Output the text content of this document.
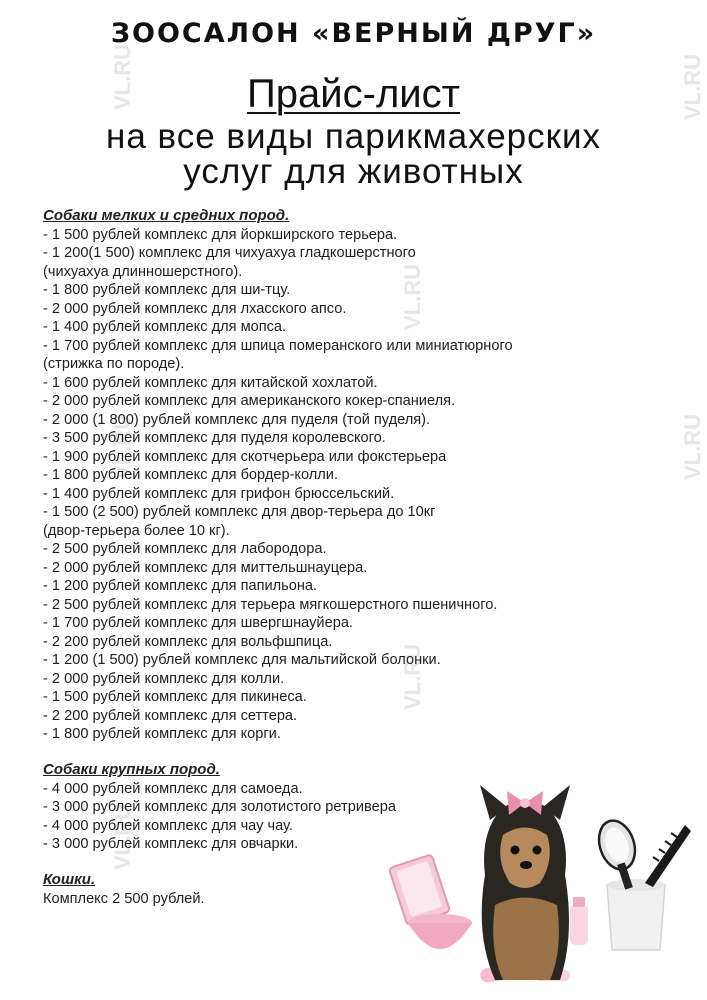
VL.RU
VL.RU
VL.RU
VL.RU
VL.RU
VL.RU
VL.RU
ЗООСАЛОН «ВЕРНЫЙ ДРУГ»
Прайс-лист
на все виды парикмахерских
услуг для животных
Собаки мелких и средних пород.
- 1 500 рублей комплекс для йоркширского терьера.
- 1 200(1 500) комплекс для чихуахуа гладкошерстного
(чихуахуа длинношерстного).
- 1 800 рублей комплекс для ши-тцу.
- 2 000 рублей комплекс для лхасского апсо.
- 1 400 рублей комплекс для мопса.
- 1 700 рублей комплекс для шпица померанского или миниатюрного
(стрижка по породе).
- 1 600 рублей комплекс для китайской хохлатой.
- 2 000 рублей комплекс для американского кокер-спаниеля.
- 2 000 (1 800) рублей комплекс для пуделя (той пуделя).
- 3 500 рублей комплекс для пуделя королевского.
- 1 900 рублей комплекс для скотчерьера или фокстерьера
- 1 800 рублей комплекс для бордер-колли.
- 1 400 рублей комплекс для грифон брюссельский.
- 1 500 (2 500) рублей комплекс для двор-терьера до 10кг
(двор-терьера более 10 кг).
- 2 500 рублей комплекс для лабородора.
- 2 000 рублей комплекс для миттельшнауцера.
- 1 200 рублей комплекс для папильона.
- 2 500 рублей комплекс для терьера мягкошерстного пшеничного.
- 1 700 рублей комплекс для швергшнауйера.
- 2 200 рублей комплекс для вольфшпица.
- 1 200 (1 500) рублей комплекс для мальтийской болонки.
- 2 000 рублей комплекс для колли.
- 1 500 рублей комплекс для пикинеса.
- 2 200 рублей комплекс для сеттера.
- 1 800 рублей комплекс для корги.
Собаки крупных пород.
- 4 000 рублей комплекс для самоеда.
- 3 000 рублей комплекс для золотистого ретривера
- 4 000 рублей комплекс для чау чау.
- 3 000 рублей комплекс для овчарки.
Кошки.
Комплекс 2 500 рублей.
